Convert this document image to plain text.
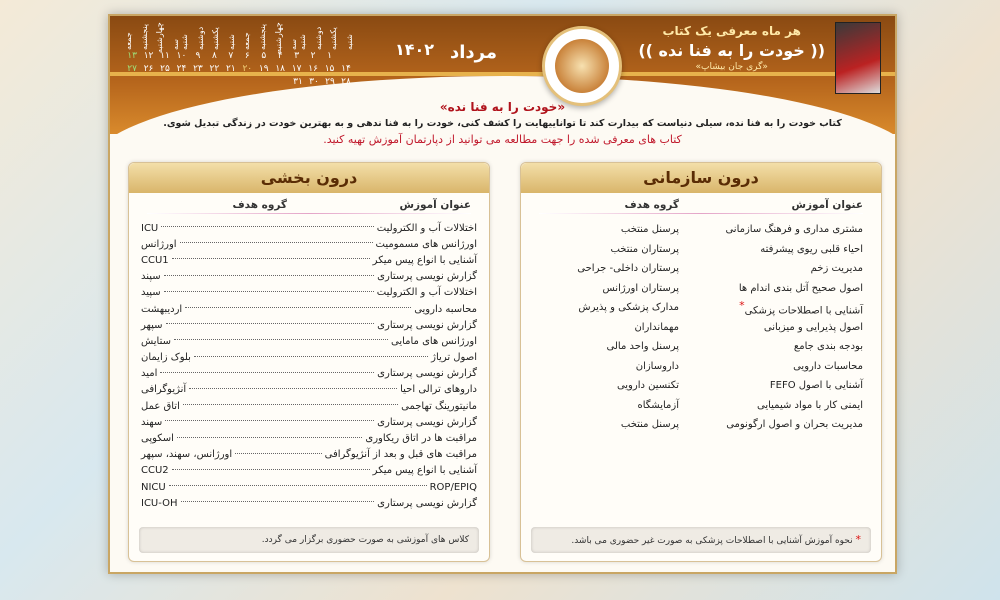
شنبه
یکشنبه
دوشنبه
سه شنبه
چهارشنبه
پنجشنبه
جمعه
شنبه
یکشنبه
دوشنبه
سه شنبه
چهارشنبه
پنجشنبه
جمعه
۱
۲
۳
۴
۵
۶
۷
۸
۹
۱۰
۱۱
۱۲
۱۳
۱۴
۱۵
۱۶
۱۷
۱۸
۱۹
۲۰
۲۱
۲۲
۲۳
۲۴
۲۵
۲۶
۲۷
۲۸
۲۹
۳۰
۳۱
۱۴۰۲ مرداد
هر ماه معرفی یک کتاب
(( خودت را به فنا نده ))
«گری جان بیشاپ»
«خودت را به فنا نده»
کتاب خودت را به فنا نده، سیلی دنیاست که بیدارت کند تا تواناییهایت را کشف کنی، خودت را به فنا ندهی و به بهترین خودت در زندگی تبدیل شوی.
کتاب های معرفی شده را جهت مطالعه می توانید از دپارتمان آموزش تهیه کنید.
درون سازمانی
عنوان آموزش
گروه هدف
مشتری مداری و فرهنگ سازمانی
پرسنل منتخب
احیاء قلبی ریوی پیشرفته
پرستاران منتخب
مدیریت زخم
پرستاران داخلی- جراحی
اصول صحیح آتل بندی اندام ها
پرستاران اورژانس
آشنایی با اصطلاحات پزشکی*
مدارک پزشکی و پذیرش
اصول پذیرایی و میزبانی
مهمانداران
بودجه بندی جامع
پرسنل واحد مالی
محاسبات دارویی
داروسازان
آشنایی با اصول FEFO
تکنسین دارویی
ایمنی کار با مواد شیمیایی
آزمایشگاه
مدیریت بحران و اصول ارگونومی
پرسنل منتخب
* نحوه آموزش آشنایی با اصطلاحات پزشکی به صورت غیر حضوری می باشد.
درون بخشی
عنوان آموزش
گروه هدف
اختلالات آب و الکترولیت
ICU
اورژانس های مسمومیت
اورژانس
آشنایی با انواع پیس میکر
CCU1
گزارش نویسی پرستاری
سپند
اختلالات آب و الکترولیت
سپید
محاسبه دارویی
اردیبهشت
گزارش نویسی پرستاری
سپهر
اورژانس های مامایی
ستایش
اصول تریاژ
بلوک زایمان
گزارش نویسی پرستاری
امید
داروهای ترالی احیا
آنژیوگرافی
مانیتورینگ تهاجمی
اتاق عمل
گزارش نویسی پرستاری
سهند
مراقبت ها در اتاق ریکاوری
اسکوپی
مراقبت های قبل و بعد از آنژیوگرافی
اورژانس، سهند، سپهر
آشنایی با انواع پیس میکر
CCU2
ROP/EPIQ
NICU
گزارش نویسی پرستاری
ICU-OH
کلاس های آموزشی به صورت حضوری برگزار می گردد.
